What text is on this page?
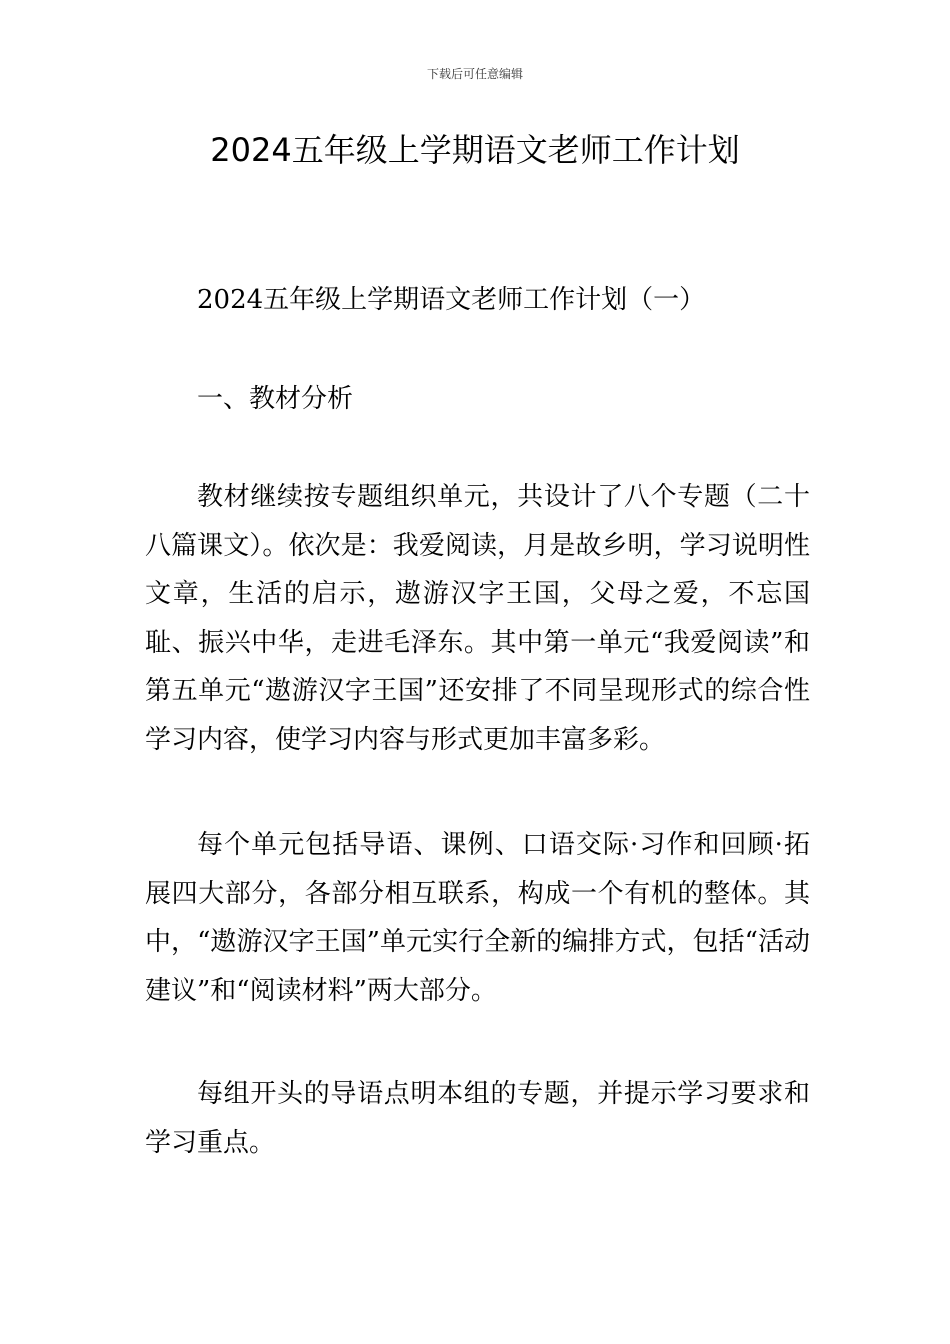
下载后可任意编辑
2024五年级上学期语文老师工作计划

2024五年级上学期语文老师工作计划（一）

一、教材分析

教材继续按专题组织单元，共设计了八个专题（二十八篇课文）。依次是：我爱阅读，月是故乡明，学习说明性文章，生活的启示，遨游汉字王国，父母之爱，不忘国耻、振兴中华，走进毛泽东。其中第一单元“我爱阅读”和第五单元“遨游汉字王国”还安排了不同呈现形式的综合性学习内容，使学习内容与形式更加丰富多彩。

每个单元包括导语、课例、口语交际·习作和回顾·拓展四大部分，各部分相互联系，构成一个有机的整体。其中，“遨游汉字王国”单元实行全新的编排方式，包括“活动建议”和“阅读材料”两大部分。

每组开头的导语点明本组的专题，并提示学习要求和学习重点。
